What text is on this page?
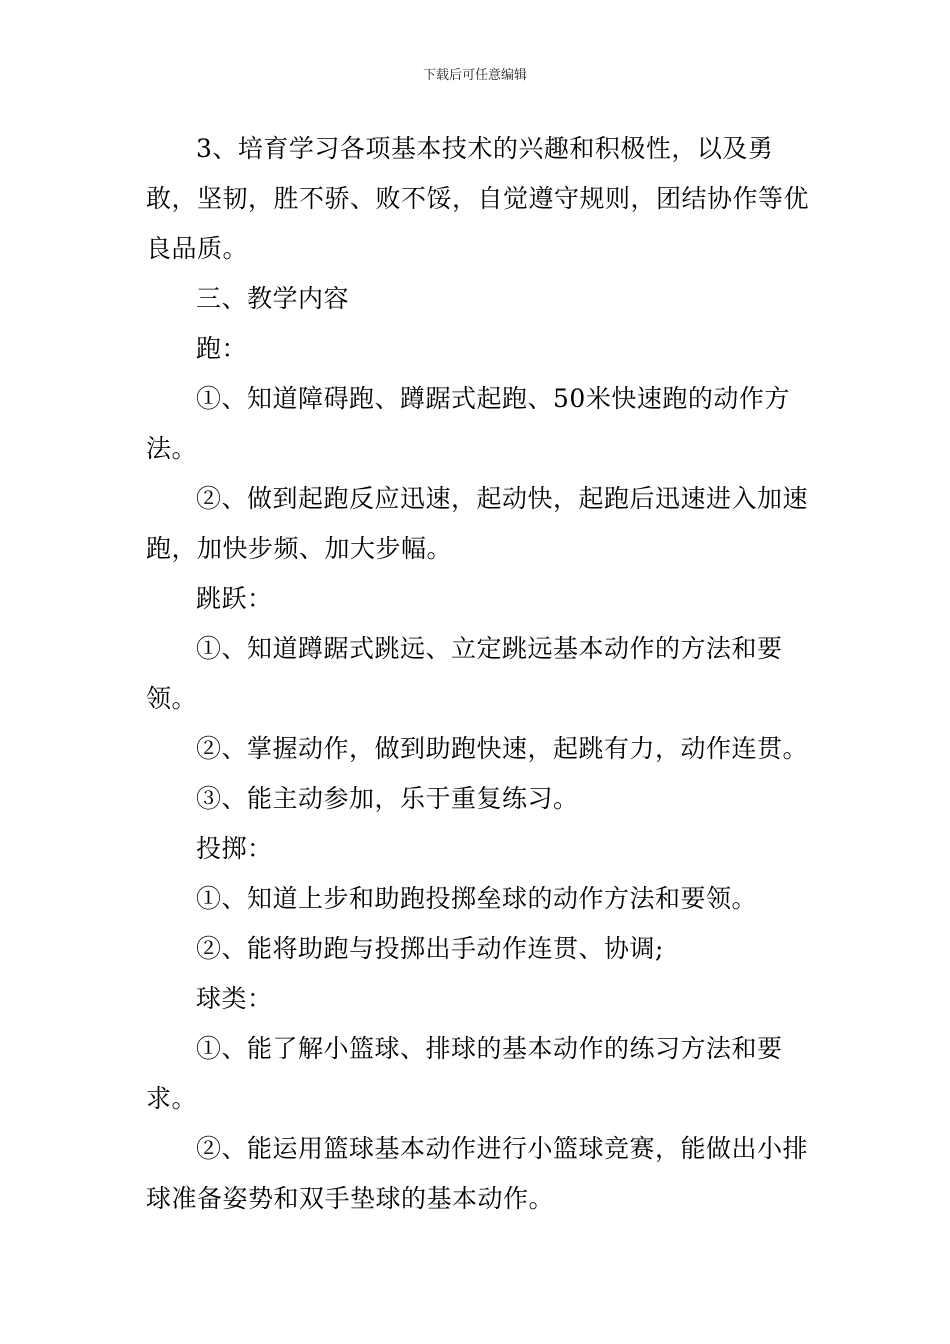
下载后可任意编辑

3、培育学习各项基本技术的兴趣和积极性，以及勇敢，坚韧，胜不骄、败不馁，自觉遵守规则，团结协作等优良品质。

三、教学内容

跑：

①、知道障碍跑、蹲踞式起跑、50米快速跑的动作方法。

②、做到起跑反应迅速，起动快，起跑后迅速进入加速跑，加快步频、加大步幅。

跳跃：

①、知道蹲踞式跳远、立定跳远基本动作的方法和要领。

②、掌握动作，做到助跑快速，起跳有力，动作连贯。

③、能主动参加，乐于重复练习。

投掷：

①、知道上步和助跑投掷垒球的动作方法和要领。

②、能将助跑与投掷出手动作连贯、协调;

球类：

①、能了解小篮球、排球的基本动作的练习方法和要求。

②、能运用篮球基本动作进行小篮球竞赛，能做出小排球准备姿势和双手垫球的基本动作。
